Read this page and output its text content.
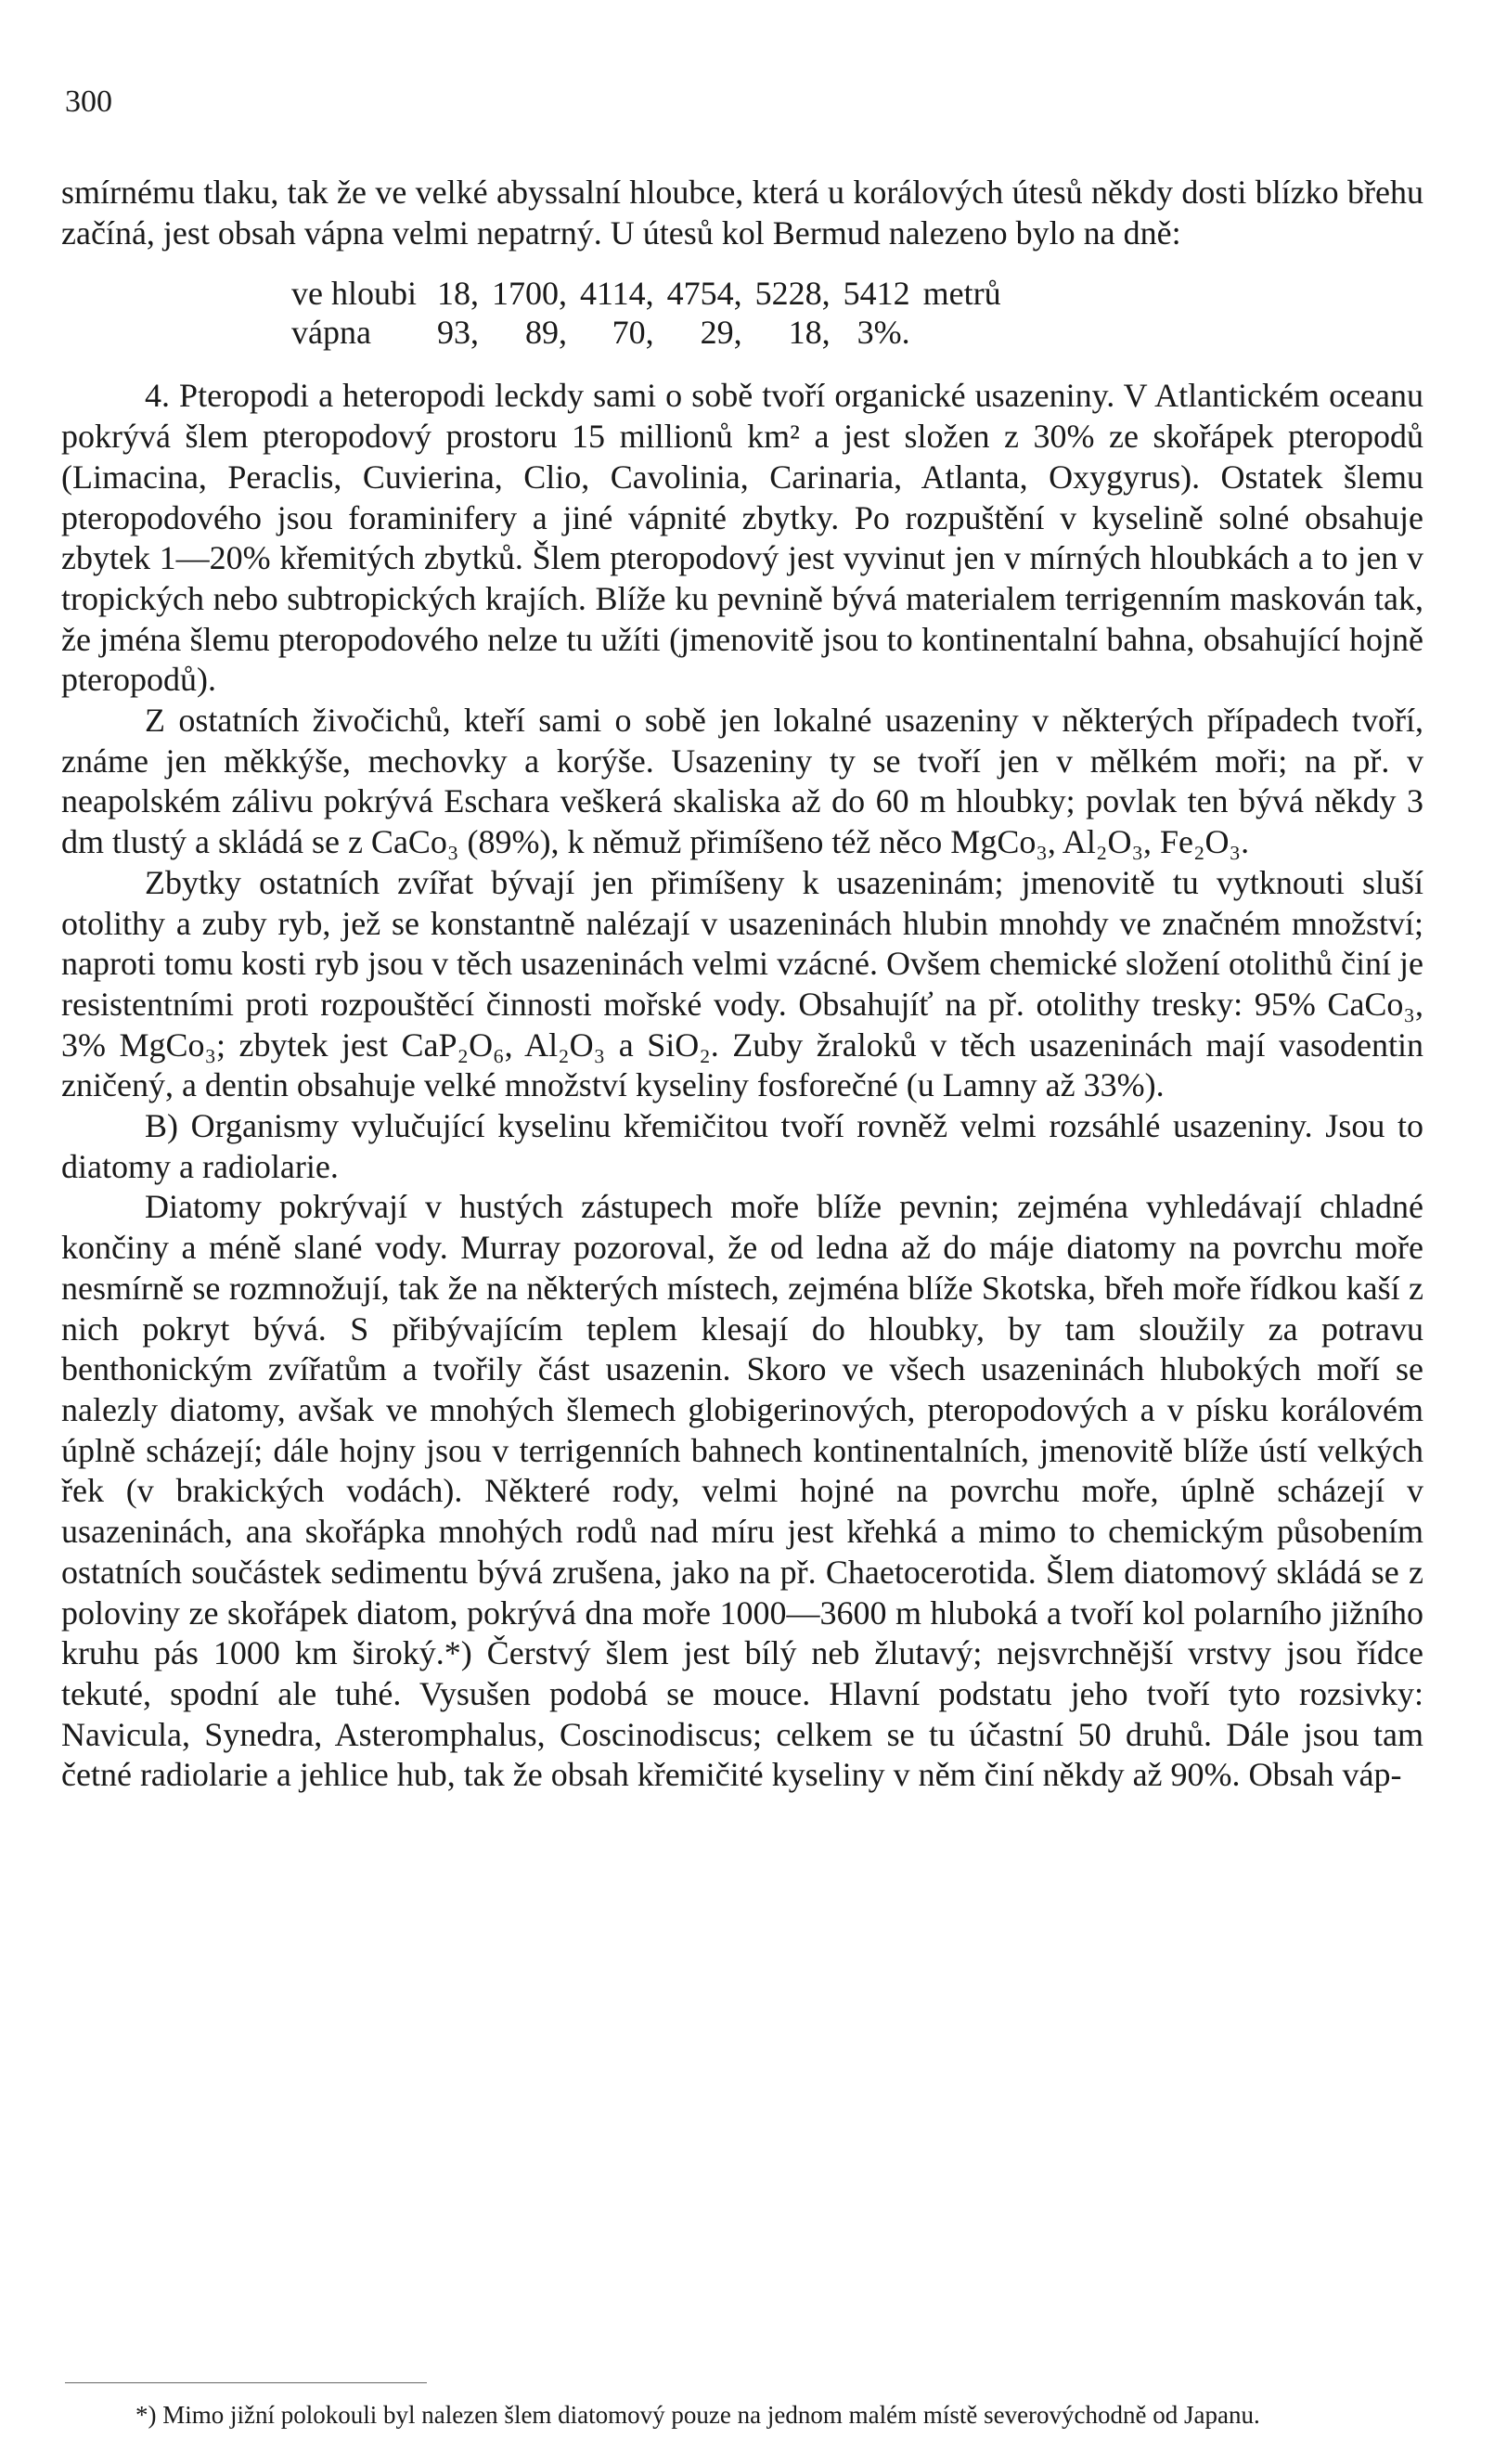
300

smírnému tlaku, tak že ve velké abyssalní hloubce, která u korálových útesů někdy dosti blízko břehu začíná, jest obsah vápna velmi nepatrný. U útesů kol Bermud nalezeno bylo na dně:

ve hloubi	18,	1700,	4114,	4754,	5228,	5412	metrů
vápna	93,	89,	70,	29,	18,	3%.	

4. Pteropodi a heteropodi leckdy sami o sobě tvoří organické usazeniny. V Atlantickém oceanu pokrývá šlem pteropodový prostoru 15 millionů km² a jest složen z 30% ze skořápek pteropodů (Limacina, Peraclis, Cuvierina, Clio, Cavolinia, Carinaria, Atlanta, Oxygyrus). Ostatek šlemu pteropodového jsou foraminifery a jiné vápnité zbytky. Po rozpuštění v kyselině solné obsahuje zbytek 1—20% křemitých zbytků. Šlem pteropodový jest vyvinut jen v mírných hloubkách a to jen v tropických nebo subtropických krajích. Blíže ku pevnině bývá materialem terrigenním maskován tak, že jména šlemu pteropodového nelze tu užíti (jmenovitě jsou to kontinentalní bahna, obsahující hojně pteropodů).

Z ostatních živočichů, kteří sami o sobě jen lokalné usazeniny v některých případech tvoří, známe jen měkkýše, mechovky a korýše. Usazeniny ty se tvoří jen v mělkém moři; na př. v neapolském zálivu pokrývá Eschara veškerá skaliska až do 60 m hloubky; povlak ten bývá někdy 3 dm tlustý a skládá se z CaCo₃ (89%), k němuž přimíšeno též něco MgCo₃, Al₂O₃, Fe₂O₃.

Zbytky ostatních zvířat bývají jen přimíšeny k usazeninám; jmenovitě tu vytknouti sluší otolithy a zuby ryb, jež se konstantně nalézají v usazeninách hlubin mnohdy ve značném množství; naproti tomu kosti ryb jsou v těch usazeninách velmi vzácné. Ovšem chemické složení otolithů činí je resistentními proti rozpouštěcí činnosti mořské vody. Obsahujíť na př. otolithy tresky: 95% CaCo₃, 3% MgCo₃; zbytek jest CaP₂O₆, Al₂O₃ a SiO₂. Zuby žraloků v těch usazeninách mají vasodentin zničený, a dentin obsahuje velké množství kyseliny fosforečné (u Lamny až 33%).

B) Organismy vylučující kyselinu křemičitou tvoří rovněž velmi rozsáhlé usazeniny. Jsou to diatomy a radiolarie.

Diatomy pokrývají v hustých zástupech moře blíže pevnin; zejména vyhledávají chladné končiny a méně slané vody. Murray pozoroval, že od ledna až do máje diatomy na povrchu moře nesmírně se rozmnožují, tak že na některých místech, zejména blíže Skotska, břeh moře řídkou kaší z nich pokryt bývá. S přibývajícím teplem klesají do hloubky, by tam sloužily za potravu benthonickým zvířatům a tvořily část usazenin. Skoro ve všech usazeninách hlubokých moří se nalezly diatomy, avšak ve mnohých šlemech globigerinových, pteropodových a v písku korálovém úplně scházejí; dále hojny jsou v terrigenních bahnech kontinentalních, jmenovitě blíže ústí velkých řek (v brakických vodách). Některé rody, velmi hojné na povrchu moře, úplně scházejí v usazeninách, ana skořápka mnohých rodů nad míru jest křehká a mimo to chemickým působením ostatních součástek sedimentu bývá zrušena, jako na př. Chaetocerotida. Šlem diatomový skládá se z poloviny ze skořápek diatom, pokrývá dna moře 1000—3600 m hluboká a tvoří kol polarního jižního kruhu pás 1000 km široký.*) Čerstvý šlem jest bílý neb žlutavý; nejsvrchnější vrstvy jsou řídce tekuté, spodní ale tuhé. Vysušen podobá se mouce. Hlavní podstatu jeho tvoří tyto rozsivky: Navicula, Synedra, Asteromphalus, Coscinodiscus; celkem se tu účastní 50 druhů. Dále jsou tam četné radiolarie a jehlice hub, tak že obsah křemičité kyseliny v něm činí někdy až 90%. Obsah váp-

*) Mimo jižní polokouli byl nalezen šlem diatomový pouze na jednom malém místě severovýchodně od Japanu.
